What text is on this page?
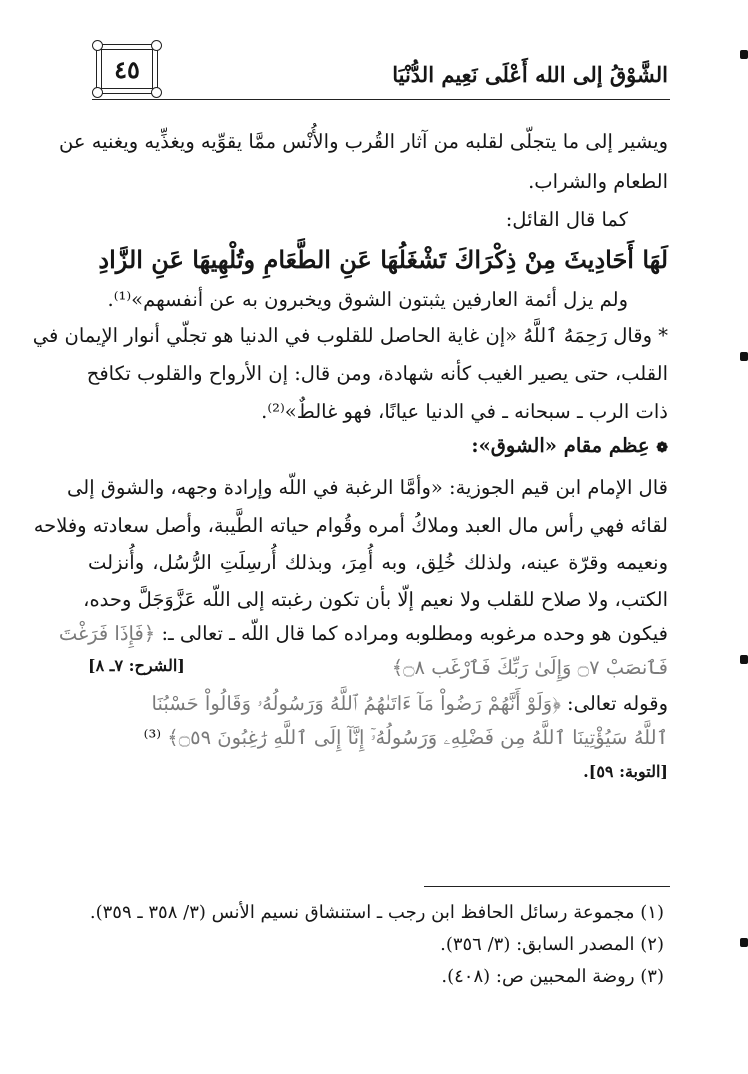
الشَّوْقُ إلى الله أَعْلَى نَعِيم الدُّنْيَا
٤٥
ويشير إلى ما يتجلّى لقلبه من آثار القُرب والأُنْس ممَّا يقوِّيه ويغذِّيه ويغنيه عن
الطعام والشراب.
كما قال القائل:
لَهَا أَحَادِيثَ مِنْ ذِكْرَاكَ تَشْغَلُهَا عَنِ الطَّعَامِ وتُلْهِيهَا عَنِ الزَّادِ
ولم يزل أئمة العارفين يثبتون الشوق ويخبرون به عن أنفسهم»⁽¹⁾.
* وقال رَحِمَهُ ٱللَّهُ «إن غاية الحاصل للقلوب في الدنيا هو تجلّي أنوار الإيمان في
القلب، حتى يصير الغيب كأنه شهادة، ومن قال: إن الأرواح والقلوب تكافح
ذات الرب ـ سبحانه ـ في الدنيا عيانًا، فهو غالطٌ»⁽²⁾.
❁ عِظم مقام «الشوق»:
قال الإمام ابن قيم الجوزية: «وأمَّا الرغبة في اللّه وإرادة وجهه، والشوق إلى
لقائه فهي رأس مال العبد وملاكُ أمره وقُوام حياته الطَّيبة، وأصل سعادته وفلاحه
ونعيمه وقرّة عينه، ولذلك خُلِق، وبه أُمِرَ، وبذلك أُرسِلَتِ الرُّسُل، وأُنزلت
الكتب، ولا صلاح للقلب ولا نعيم إلّا بأن تكون رغبته إلى اللّه عَزَّوَجَلَّ وحده،
فيكون هو وحده مرغوبه ومطلوبه ومراده كما قال اللّه ـ تعالى ـ: ﴿فَإِذَا فَرَغْتَ
فَٱنصَبْ ۝٧ وَإِلَىٰ رَبِّكَ فَٱرْغَب ۝٨﴾
[الشرح: ٧ـ ٨]
وقوله تعالى: ﴿وَلَوْ أَنَّهُمْ رَضُواْ مَآ ءَاتَىٰهُمُ ٱللَّهُ وَرَسُولُهُۥ وَقَالُواْ حَسْبُنَا
ٱللَّهُ سَيُؤْتِينَا ٱللَّهُ مِن فَضْلِهِۦ وَرَسُولُهُۥٓ إِنَّآ إِلَى ٱللَّهِ رَٰغِبُونَ ۝٥٩﴾ ⁽³⁾
[التوبة: ٥٩].
(١) مجموعة رسائل الحافظ ابن رجب ـ استنشاق نسيم الأنس (٣/ ٣٥٨ ـ ٣٥٩).
(٢) المصدر السابق: (٣/ ٣٥٦).
(٣) روضة المحبين ص: (٤٠٨).
